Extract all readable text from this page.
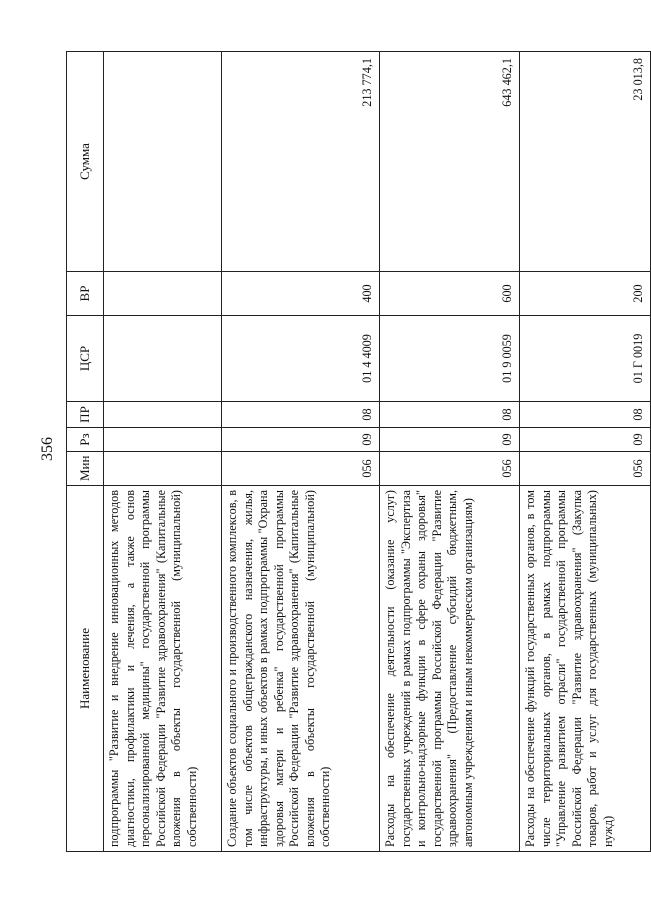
356
Наименование	Мин	Рз	ПР	ЦСР	ВР	Сумма
подпрограммы "Развитие и внедрение инновационных методов диагностики, профилактики и лечения, а также основ персонализированной медицины" государственной программы Российской Федерации "Развитие здравоохранения" (Капитальные вложения в объекты государственной (муниципальной) собственности)						
Создание объектов социального и производственного комплексов, в том числе объектов общегражданского назначения, жилья, инфраструктуры, и иных объектов в рамках подпрограммы "Охрана здоровья матери и ребенка" государственной программы Российской Федерации "Развитие здравоохранения" (Капитальные вложения в объекты государственной (муниципальной) собственности)	056	09	08	01 4 4009	400	213 774,1
Расходы на обеспечение деятельности (оказание услуг) государственных учреждений в рамках подпрограммы "Экспертиза и контрольно-надзорные функции в сфере охраны здоровья" государственной программы Российской Федерации "Развитие здравоохранения" (Предоставление субсидий бюджетным, автономным учреждениям и иным некоммерческим организациям)	056	09	08	01 9 0059	600	643 462,1
Расходы на обеспечение функций государственных органов, в том числе территориальных органов, в рамках подпрограммы "Управление развитием отрасли" государственной программы Российской Федерации "Развитие здравоохранения" (Закупка товаров, работ и услуг для государственных (муниципальных) нужд)	056	09	08	01 Г 0019	200	23 013,8
